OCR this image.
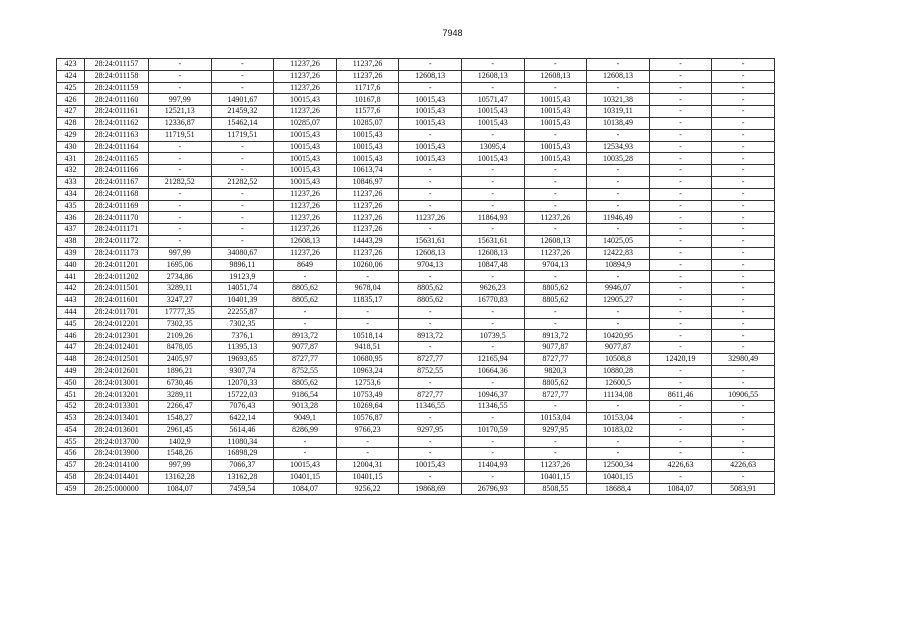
7948
423	28:24:011157	-	-	11237,26	11237,26	-	-	-	-	-	-
424	28:24:011158	-	-	11237,26	11237,26	12608,13	12608,13	12608,13	12608,13	-	-
425	28:24:011159	-	-	11237,26	11717,6	-	-	-	-	-	-
426	28:24:011160	997,99	14901,67	10015,43	10167,8	10015,43	10571,47	10015,43	10321,38	-	-
427	28:24:011161	12521,13	21459,32	11237,26	11577,6	10015,43	10015,43	10015,43	10319,11	-	-
428	28:24:011162	12336,87	15462,14	10285,07	10285,07	10015,43	10015,43	10015,43	10138,49	-	-
429	28:24:011163	11719,51	11719,51	10015,43	10015,43	-	-	-	-	-	-
430	28:24:011164	-	-	10015,43	10015,43	10015,43	13095,4	10015,43	12534,93	-	-
431	28:24:011165	-	-	10015,43	10015,43	10015,43	10015,43	10015,43	10035,28	-	-
432	28:24:011166	-	-	10015,43	10613,74	-	-	-	-	-	-
433	28:24:011167	21282,52	21282,52	10015,43	10846,97	-	-	-	-	-	-
434	28:24:011168	-	-	11237,26	11237,26	-	-	-	-	-	-
435	28:24:011169	-	-	11237,26	11237,26	-	-	-	-	-	-
436	28:24:011170	-	-	11237,26	11237,26	11237,26	11864,93	11237,26	11946,49	-	-
437	28:24:011171	-	-	11237,26	11237,26	-	-	-	-	-	-
438	28:24:011172	-	-	12608,13	14443,29	15631,61	15631,61	12608,13	14025,05	-	-
439	28:24:011173	997,99	34080,67	11237,26	11237,26	12608,13	12608,13	11237,26	12422,83	-	-
440	28:24:011201	1695,06	9896,11	8649	10260,06	9704,13	10847,48	9704,13	10894,9	-	-
441	28:24:011202	2734,86	19123,9	-	-	-	-	-	-	-	-
442	28:24:011501	3289,11	14051,74	8805,62	9678,04	8805,62	9626,23	8805,62	9946,07	-	-
443	28:24:011601	3247,27	10401,39	8805,62	11835,17	8805,62	16770,83	8805,62	12905,27	-	-
444	28:24:011701	17777,35	22255,87	-	-	-	-	-	-	-	-
445	28:24:012201	7302,35	7302,35	-	-	-	-	-	-	-	-
446	28:24:012301	2109,26	7376,1	8913,72	10518,14	8913,72	10739,5	8913,72	10420,95	-	-
447	28:24:012401	8478,05	11395,13	9077,87	9418,51	-	-	9077,87	9077,87	-	-
448	28:24:012501	2405,97	19693,65	8727,77	10680,95	8727,77	12165,94	8727,77	10508,8	12420,19	32980,49
449	28:24:012601	1896,21	9307,74	8752,55	10963,24	8752,55	10664,36	9820,3	10880,28	-	-
450	28:24:013001	6730,46	12070,33	8805,62	12753,6	-	-	8805,62	12600,5	-	-
451	28:24:013201	3289,11	15722,03	9186,54	10753,49	8727,77	10946,37	8727,77	11134,08	8611,46	10906,55
452	28:24:013301	2266,47	7076,43	9013,28	10269,64	11346,55	11346,55	-	-	-	-
453	28:24:013401	1548,27	6422,14	9049,1	10576,87	-	-	10153,04	10153,04	-	-
454	28:24:013601	2961,45	5614,46	8286,99	9766,23	9297,95	10170,59	9297,95	10183,02	-	-
455	28:24:013700	1402,9	11080,34	-	-	-	-	-	-	-	-
456	28:24:013900	1548,26	16898,29	-	-	-	-	-	-	-	-
457	28:24:014100	997,99	7066,37	10015,43	12004,31	10015,43	11404,93	11237,26	12500,34	4226,63	4226,63
458	28:24:014401	13162,28	13162,28	10401,15	10401,15	-	-	10401,15	10401,15	-	-
459	28:25:000000	1084,07	7459,54	1084,07	9256,22	19868,69	26796,93	8508,55	18688,4	1084,07	5083,91
